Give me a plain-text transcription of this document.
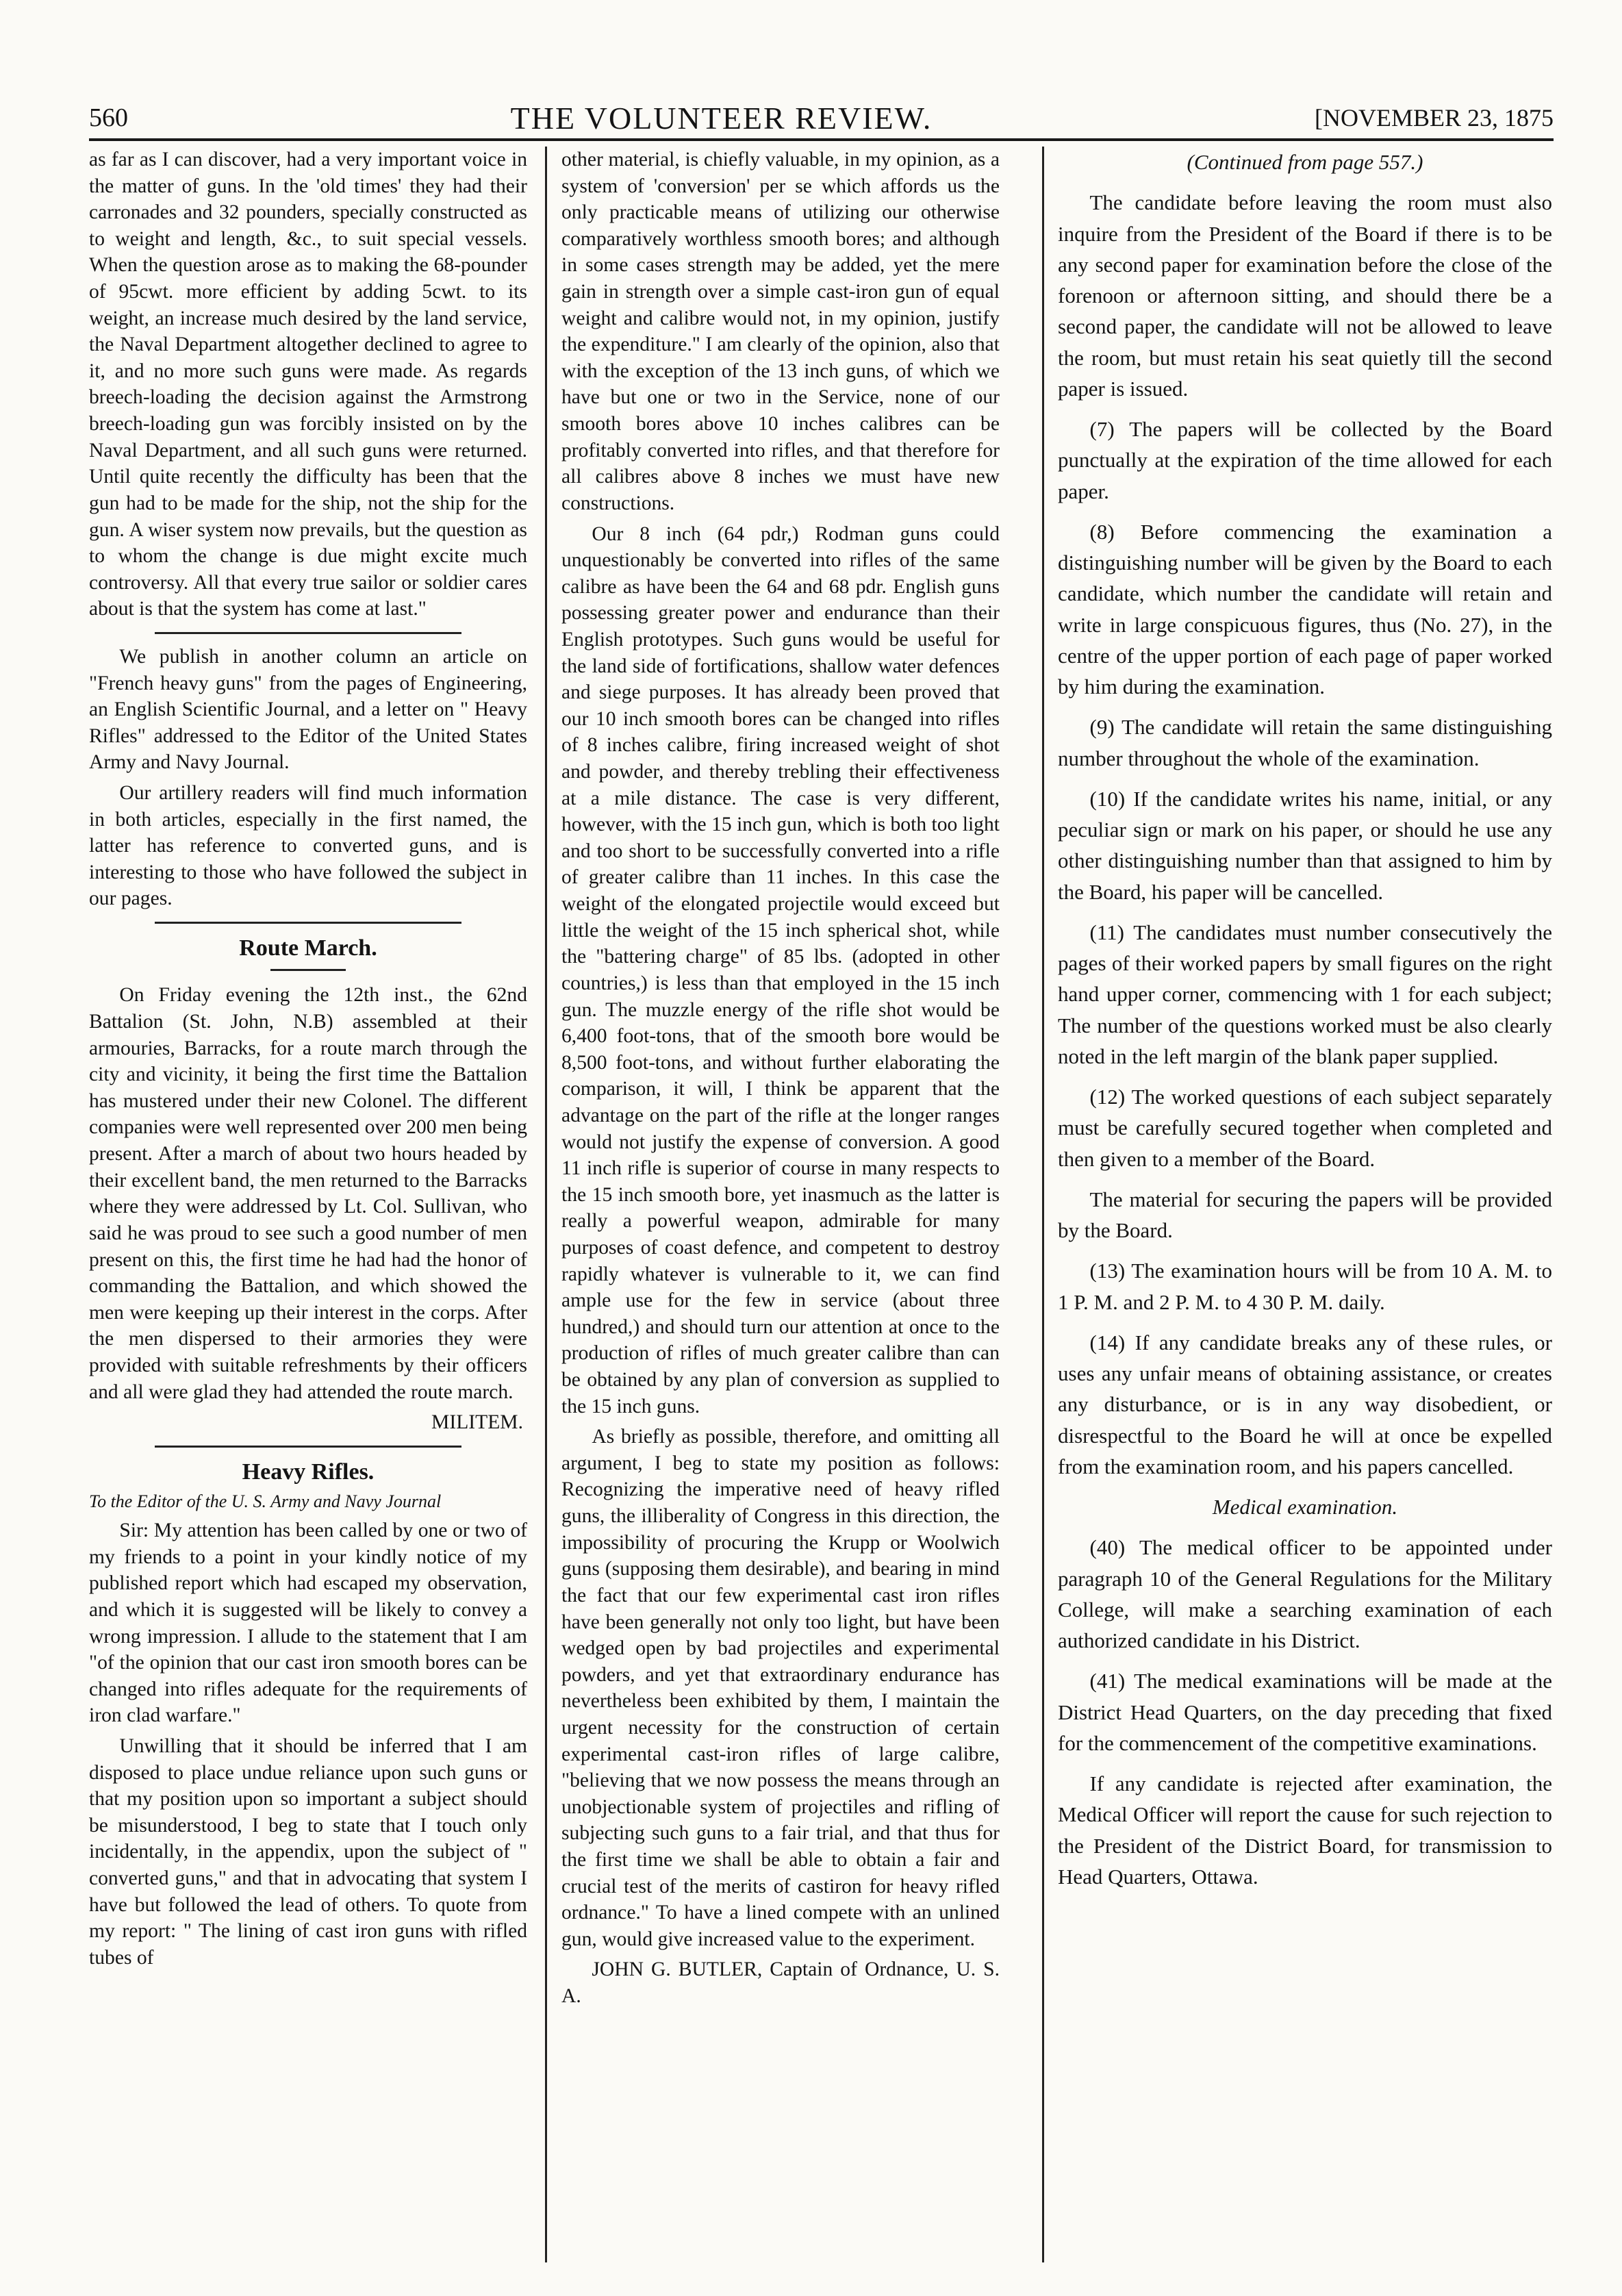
560	THE VOLUNTEER REVIEW.	[NOVEMBER 23, 1875

as far as I can discover, had a very important voice in the matter of guns. In the 'old times' they had their carronades and 32 pounders, specially constructed as to weight and length, &c., to suit special vessels. When the question arose as to making the 68-pounder of 95cwt. more efficient by adding 5cwt. to its weight, an increase much desired by the land service, the Naval Department altogether declined to agree to it, and no more such guns were made. As regards breech-loading the decision against the Armstrong breech-loading gun was forcibly insisted on by the Naval Department, and all such guns were returned. Until quite recently the difficulty has been that the gun had to be made for the ship, not the ship for the gun. A wiser system now prevails, but the question as to whom the change is due might excite much controversy. All that every true sailor or soldier cares about is that the system has come at last."

We publish in another column an article on "French heavy guns" from the pages of Engineering, an English Scientific Journal, and a letter on " Heavy Rifles" addressed to the Editor of the United States Army and Navy Journal.

Our artillery readers will find much information in both articles, especially in the first named, the latter has reference to converted guns, and is interesting to those who have followed the subject in our pages.

Route March.

On Friday evening the 12th inst., the 62nd Battalion (St. John, N.B) assembled at their armouries, Barracks, for a route march through the city and vicinity, it being the first time the Battalion has mustered under their new Colonel. The different companies were well represented over 200 men being present. After a march of about two hours headed by their excellent band, the men returned to the Barracks where they were addressed by Lt. Col. Sullivan, who said he was proud to see such a good number of men present on this, the first time he had had the honor of commanding the Battalion, and which showed the men were keeping up their interest in the corps. After the men dispersed to their armories they were provided with suitable refreshments by their officers and all were glad they had attended the route march.

MILITEM.

Heavy Rifles.

To the Editor of the U. S. Army and Navy Journal

Sir: My attention has been called by one or two of my friends to a point in your kindly notice of my published report which had escaped my observation, and which it is suggested will be likely to convey a wrong impression. I allude to the statement that I am "of the opinion that our cast iron smooth bores can be changed into rifles adequate for the requirements of iron clad warfare."

Unwilling that it should be inferred that I am disposed to place undue reliance upon such guns or that my position upon so important a subject should be misunderstood, I beg to state that I touch only incidentally, in the appendix, upon the subject of " converted guns," and that in advocating that system I have but followed the lead of others. To quote from my report: " The lining of cast iron guns with rifled tubes of

other material, is chiefly valuable, in my opinion, as a system of 'conversion' per se which affords us the only practicable means of utilizing our otherwise comparatively worthless smooth bores; and although in some cases strength may be added, yet the mere gain in strength over a simple cast-iron gun of equal weight and calibre would not, in my opinion, justify the expenditure." I am clearly of the opinion, also that with the exception of the 13 inch guns, of which we have but one or two in the Service, none of our smooth bores above 10 inches calibres can be profitably converted into rifles, and that therefore for all calibres above 8 inches we must have new constructions.

Our 8 inch (64 pdr,) Rodman guns could unquestionably be converted into rifles of the same calibre as have been the 64 and 68 pdr. English guns possessing greater power and endurance than their English prototypes. Such guns would be useful for the land side of fortifications, shallow water defences and siege purposes. It has already been proved that our 10 inch smooth bores can be changed into rifles of 8 inches calibre, firing increased weight of shot and powder, and thereby trebling their effectiveness at a mile distance. The case is very different, however, with the 15 inch gun, which is both too light and too short to be successfully converted into a rifle of greater calibre than 11 inches. In this case the weight of the elongated projectile would exceed but little the weight of the 15 inch spherical shot, while the "battering charge" of 85 lbs. (adopted in other countries,) is less than that employed in the 15 inch gun. The muzzle energy of the rifle shot would be 6,400 foot-tons, that of the smooth bore would be 8,500 foot-tons, and without further elaborating the comparison, it will, I think be apparent that the advantage on the part of the rifle at the longer ranges would not justify the expense of conversion. A good 11 inch rifle is superior of course in many respects to the 15 inch smooth bore, yet inasmuch as the latter is really a powerful weapon, admirable for many purposes of coast defence, and competent to destroy rapidly whatever is vulnerable to it, we can find ample use for the few in service (about three hundred,) and should turn our attention at once to the production of rifles of much greater calibre than can be obtained by any plan of conversion as supplied to the 15 inch guns.

As briefly as possible, therefore, and omitting all argument, I beg to state my position as follows: Recognizing the imperative need of heavy rifled guns, the illiberality of Congress in this direction, the impossibility of procuring the Krupp or Woolwich guns (supposing them desirable), and bearing in mind the fact that our few experimental cast iron rifles have been generally not only too light, but have been wedged open by bad projectiles and experimental powders, and yet that extraordinary endurance has nevertheless been exhibited by them, I maintain the urgent necessity for the construction of certain experimental cast-iron rifles of large calibre, "believing that we now possess the means through an unobjectionable system of projectiles and rifling of subjecting such guns to a fair trial, and that thus for the first time we shall be able to obtain a fair and crucial test of the merits of castiron for heavy rifled ordnance." To have a lined compete with an unlined gun, would give increased value to the experiment.

JOHN G. BUTLER, Captain of Ordnance, U. S. A.

(Continued from page 557.)

The candidate before leaving the room must also inquire from the President of the Board if there is to be any second paper for examination before the close of the forenoon or afternoon sitting, and should there be a second paper, the candidate will not be allowed to leave the room, but must retain his seat quietly till the second paper is issued.

(7) The papers will be collected by the Board punctually at the expiration of the time allowed for each paper.

(8) Before commencing the examination a distinguishing number will be given by the Board to each candidate, which number the candidate will retain and write in large conspicuous figures, thus (No. 27), in the centre of the upper portion of each page of paper worked by him during the examination.

(9) The candidate will retain the same distinguishing number throughout the whole of the examination.

(10) If the candidate writes his name, initial, or any peculiar sign or mark on his paper, or should he use any other distinguishing number than that assigned to him by the Board, his paper will be cancelled.

(11) The candidates must number consecutively the pages of their worked papers by small figures on the right hand upper corner, commencing with 1 for each subject; The number of the questions worked must be also clearly noted in the left margin of the blank paper supplied.

(12) The worked questions of each subject separately must be carefully secured together when completed and then given to a member of the Board.

The material for securing the papers will be provided by the Board.

(13) The examination hours will be from 10 A. M. to 1 P. M. and 2 P. M. to 4 30 P. M. daily.

(14) If any candidate breaks any of these rules, or uses any unfair means of obtaining assistance, or creates any disturbance, or is in any way disobedient, or disrespectful to the Board he will at once be expelled from the examination room, and his papers cancelled.

Medical examination.

(40) The medical officer to be appointed under paragraph 10 of the General Regulations for the Military College, will make a searching examination of each authorized candidate in his District.

(41) The medical examinations will be made at the District Head Quarters, on the day preceding that fixed for the commencement of the competitive examinations.

If any candidate is rejected after examination, the Medical Officer will report the cause for such rejection to the President of the District Board, for transmission to Head Quarters, Ottawa.
